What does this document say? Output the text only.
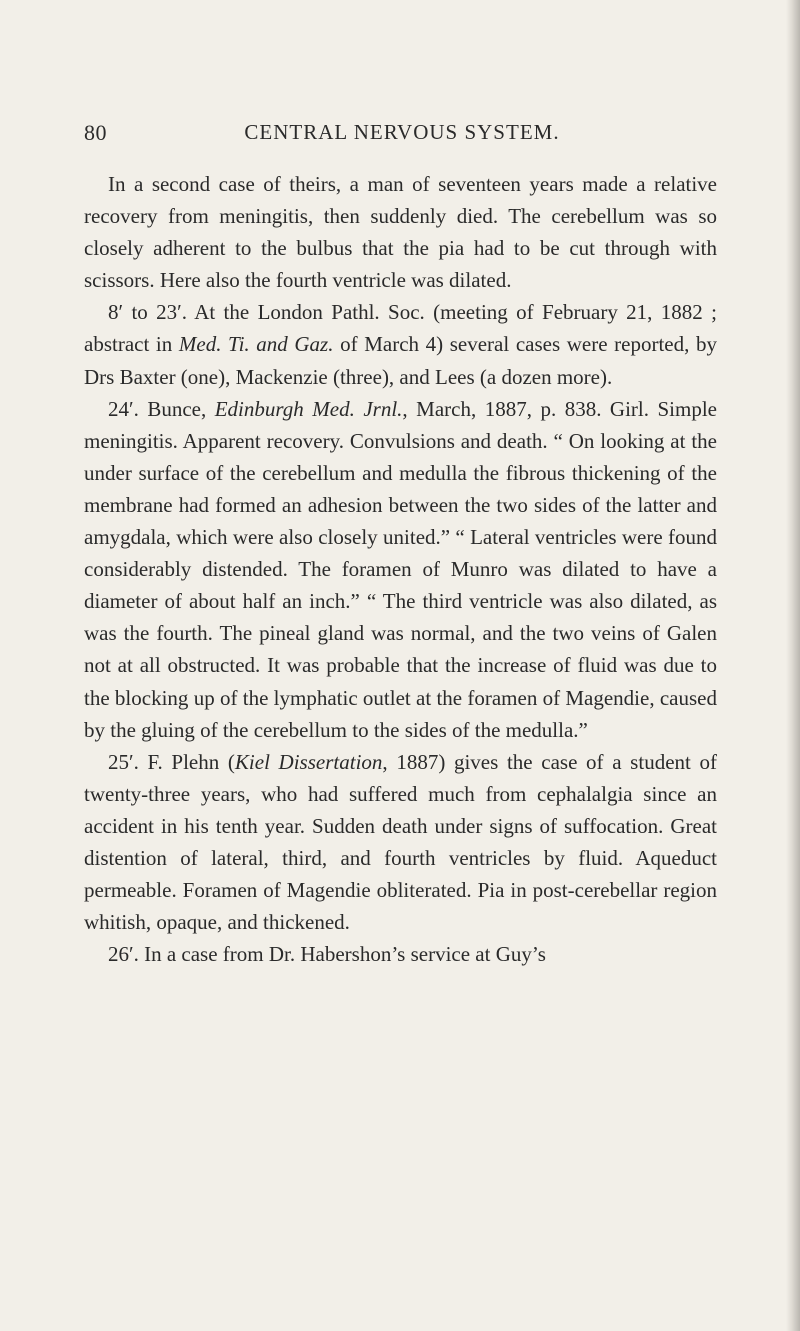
80	CENTRAL NERVOUS SYSTEM.

In a second case of theirs, a man of seventeen years made a relative recovery from meningitis, then suddenly died. The cerebellum was so closely adherent to the bulbus that the pia had to be cut through with scissors. Here also the fourth ventricle was dilated.

8′ to 23′. At the London Pathl. Soc. (meeting of February 21, 1882 ; abstract in Med. Ti. and Gaz. of March 4) several cases were reported, by Drs Baxter (one), Mackenzie (three), and Lees (a dozen more).

24′. Bunce, Edinburgh Med. Jrnl., March, 1887, p. 838. Girl. Simple meningitis. Apparent recovery. Convulsions and death. “ On looking at the under surface of the cerebellum and medulla the fibrous thickening of the membrane had formed an adhesion between the two sides of the latter and amygdala, which were also closely united.” “ Lateral ventricles were found considerably distended. The foramen of Munro was dilated to have a diameter of about half an inch.” “ The third ventricle was also dilated, as was the fourth. The pineal gland was normal, and the two veins of Galen not at all obstructed. It was probable that the increase of fluid was due to the blocking up of the lymphatic outlet at the foramen of Magendie, caused by the gluing of the cerebellum to the sides of the medulla.”

25′. F. Plehn (Kiel Dissertation, 1887) gives the case of a student of twenty-three years, who had suffered much from cephalalgia since an accident in his tenth year. Sudden death under signs of suffocation. Great distention of lateral, third, and fourth ventricles by fluid. Aqueduct permeable. Foramen of Magendie obliterated. Pia in post-cerebellar region whitish, opaque, and thickened.

26′. In a case from Dr. Habershon’s service at Guy’s
